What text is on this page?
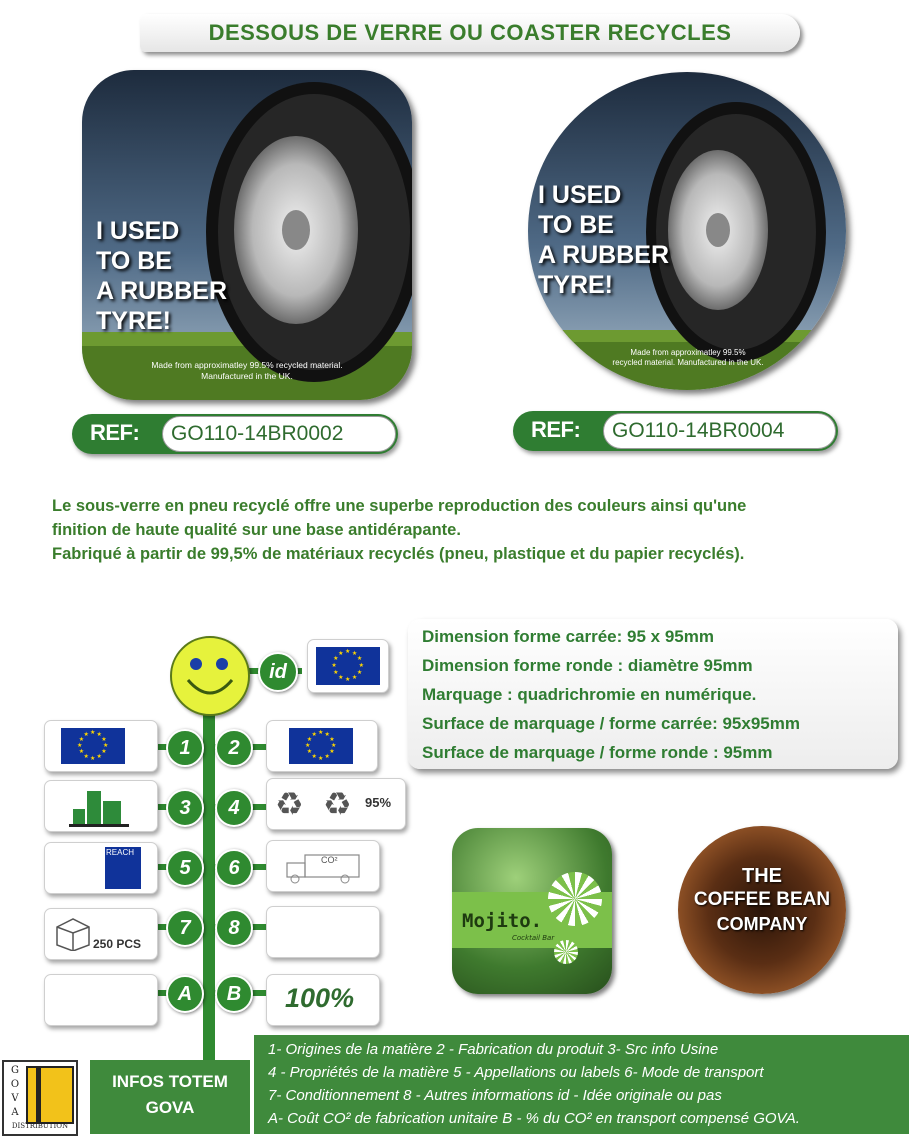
DESSOUS DE VERRE OU COASTER RECYCLES
I USED
TO BE
A RUBBER
TYRE!
Made from approximatley 99.5% recycled material.
Manufactured in the UK.
I USED
TO BE
A RUBBER
TYRE!
Made from approximatley 99.5%
recycled material. Manufactured in the UK.
REF:	GO110-14BR0002	REF:	GO110-14BR0004
Le sous-verre en pneu recyclé offre une superbe reproduction des couleurs ainsi qu'une
finition de haute qualité sur une base antidérapante.
Fabriqué à partir de 99,5% de matériaux recyclés (pneu, plastique et du papier recyclés).
Dimension forme carrée: 95 x 95mm
Dimension forme ronde : diamètre 95mm
Marquage : quadrichromie en numérique.
Surface de marquage / forme carrée: 95x95mm
Surface de marquage / forme ronde : 95mm
id	★
★
★
★
★
★
★
★
★ ★ ★
★
★
★
★
★
★
★
★
★
★ ★ ★
★	1	2	★
★
★
★
★
★
★
★
★ ★ ★
★
3	4	♻ ♻ 95%
REACH
5	6	CO²
250 PCS
7	8
A	B	100%
Mojito.
Cocktail Bar
THE
COFFEE BEAN
COMPANY
G
O
V
A
DISTRIBUTION
INFOS TOTEM
GOVA
1- Origines de la matière 2 - Fabrication du produit 3- Src info Usine
4 - Propriétés de la matière 5 - Appellations ou labels 6- Mode de transport
7- Conditionnement 8 - Autres informations id - Idée originale ou pas
A- Coût CO² de fabrication unitaire B - % du CO² en transport compensé GOVA.
